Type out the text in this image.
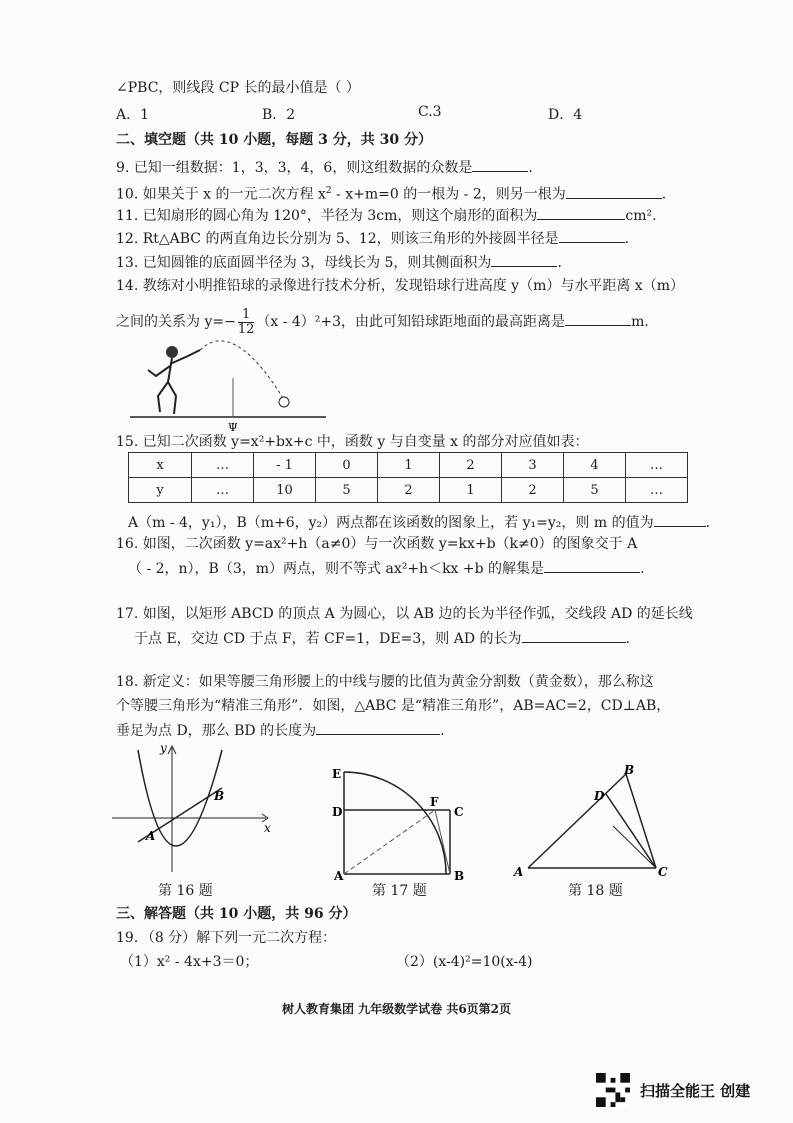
∠PBC，则线段 CP 长的最小值是（ ）
A．1	B．2	C.3	D．4
二、填空题（共 10 小题，每题 3 分，共 30 分）
9. 已知一组数据：1，3，3，4，6，则这组数据的众数是	.
10. 如果关于 x 的一元二次方程 $x^2 - x+m=0$ 的一根为 - 2，则另一根为	.
11. 已知扇形的圆心角为 120°，半径为 3cm，则这个扇形的面积为	cm².
12. Rt△ABC 的两直角边长分别为 5、12，则该三角形的外接圆半径是	.
13. 已知圆锥的底面圆半径为 3，母线长为 5，则其侧面积为	.
14. 教练对小明推铅球的录像进行技术分析，发现铅球行进高度 y（m）与水平距离 x（m）
之间的关系为 $y=- \frac{1}{12} (x - 4)^2+3$，由此可知铅球距地面的最高距离是	m.
Ψ
15. 已知二次函数 y=x²+bx+c 中，函数 y 与自变量 x 的部分对应值如表：
x	…	- 1	0	1	2	3	4	…
y	…	10	5	2	1	2	5	…
A（m - 4，y₁），B（m+6，y₂）两点都在该函数的图象上，若 y₁=y₂，则 m 的值为	.
16. 如图，二次函数 y=ax²+h（a≠0）与一次函数 y=kx+b（k≠0）的图象交于 A
（ - 2，n），B（3，m）两点，则不等式 ax²+h＜kx +b 的解集是	.
17. 如图，以矩形 ABCD 的顶点 A 为圆心，以 AB 边的长为半径作弧，交线段 AD 的延长线
于点 E，交边 CD 于点 F，若 CF=1，DE=3，则 AD 的长为	.
18. 新定义：如果等腰三角形腰上的中线与腰的比值为黄金分割数（黄金数），那么称这
个等腰三角形为“精准三角形”．如图，△ABC 是“精准三角形”，AB=AC=2，CD⊥AB，
垂足为点 D，那么 BD 的长度为	.
y
x
A
B
第 16 题
E
D
F
C
A	B
第 17 题
A
B
C
D
第 18 题
三、解答题（共 10 小题，共 96 分）
19．（8 分）解下列一元二次方程：
（1）x² - 4x+3＝0；	（2）(x-4)²=10(x-4)
树人教育集团 九年级数学试卷 共6页第2页
扫描全能王 创建
